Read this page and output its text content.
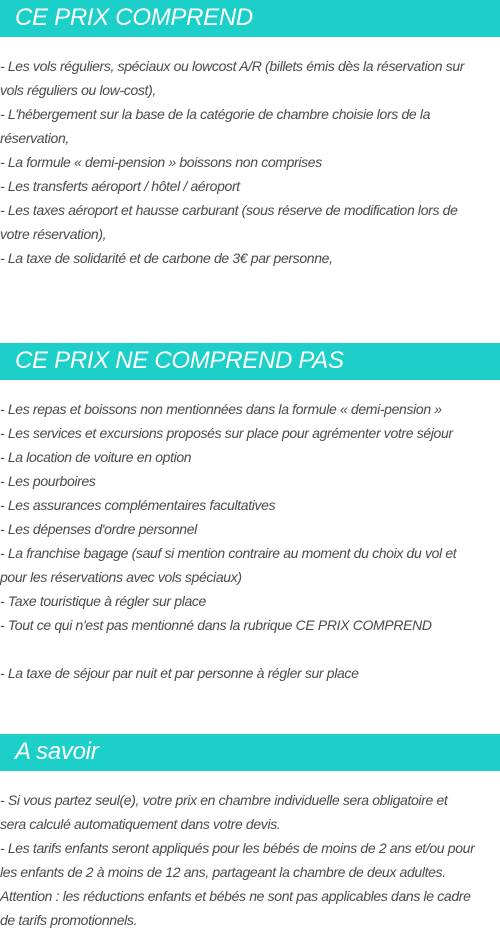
CE PRIX COMPREND
- Les vols réguliers, spéciaux ou lowcost A/R (billets émis dès la réservation sur
vols réguliers ou low-cost),
- L'hébergement sur la base de la catégorie de chambre choisie lors de la
réservation,
- La formule « demi-pension » boissons non comprises
- Les transferts aéroport / hôtel / aéroport
- Les taxes aéroport et hausse carburant (sous réserve de modification lors de
votre réservation),
- La taxe de solidarité et de carbone de 3€ par personne,
CE PRIX NE COMPREND PAS
- Les repas et boissons non mentionnées dans la formule « demi-pension »
- Les services et excursions proposés sur place pour agrémenter votre séjour
- La location de voiture en option
- Les pourboires
- Les assurances complémentaires facultatives
- Les dépenses d'ordre personnel
- La franchise bagage (sauf si mention contraire au moment du choix du vol et
pour les réservations avec vols spéciaux)
- Taxe touristique à régler sur place
- Tout ce qui n'est pas mentionné dans la rubrique CE PRIX COMPREND
- La taxe de séjour par nuit et par personne à régler sur place
A savoir
- Si vous partez seul(e), votre prix en chambre individuelle sera obligatoire et
sera calculé automatiquement dans votre devis.
- Les tarifs enfants seront appliqués pour les bébés de moins de 2 ans et/ou pour
les enfants de 2 à moins de 12 ans, partageant la chambre de deux adultes.
Attention : les réductions enfants et bébés ne sont pas applicables dans le cadre
de tarifs promotionnels.
